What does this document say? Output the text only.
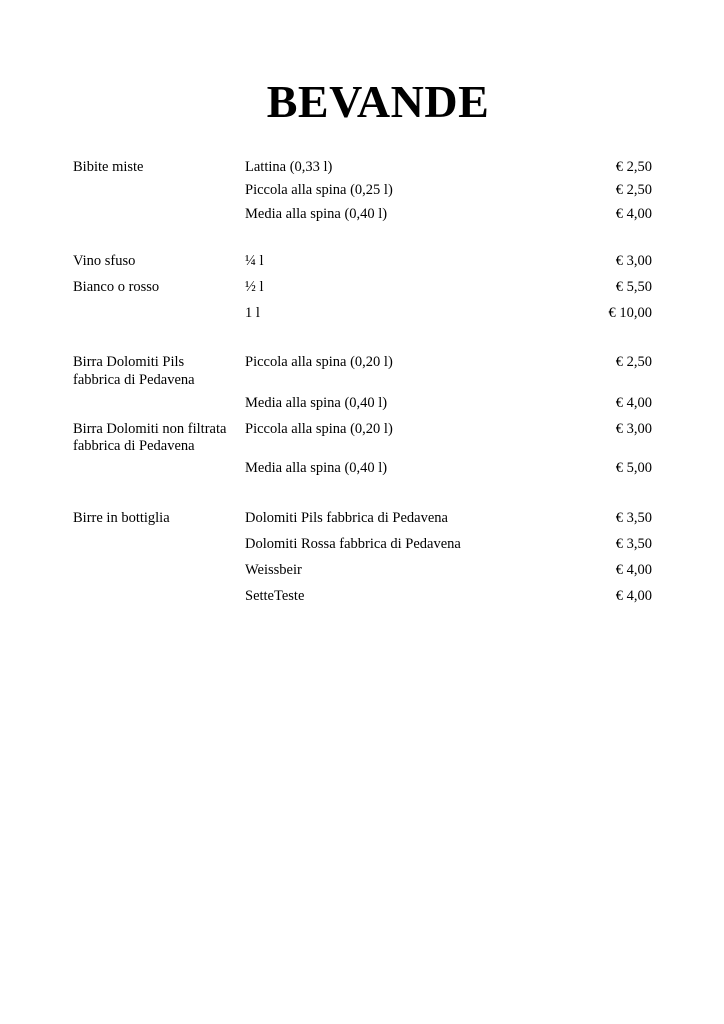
BEVANDE
Bibite miste	Lattina (0,33 l)	€ 2,50
Piccola alla spina (0,25 l)	€ 2,50
Media alla spina (0,40 l)	€ 4,00
Vino sfuso	¼ l	€ 3,00
Bianco o rosso	½ l	€ 5,50
1 l	€ 10,00
Birra Dolomiti Pils	Piccola alla spina (0,20 l)	€ 2,50
fabbrica di Pedavena
Media alla spina (0,40 l)	€ 4,00
Birra Dolomiti non filtrata	Piccola alla spina (0,20 l)	€ 3,00
fabbrica di Pedavena
Media alla spina (0,40 l)	€ 5,00
Birre in bottiglia	Dolomiti Pils fabbrica di Pedavena	€ 3,50
Dolomiti Rossa fabbrica di Pedavena	€ 3,50
Weissbeir	€ 4,00
SetteTeste	€ 4,00
